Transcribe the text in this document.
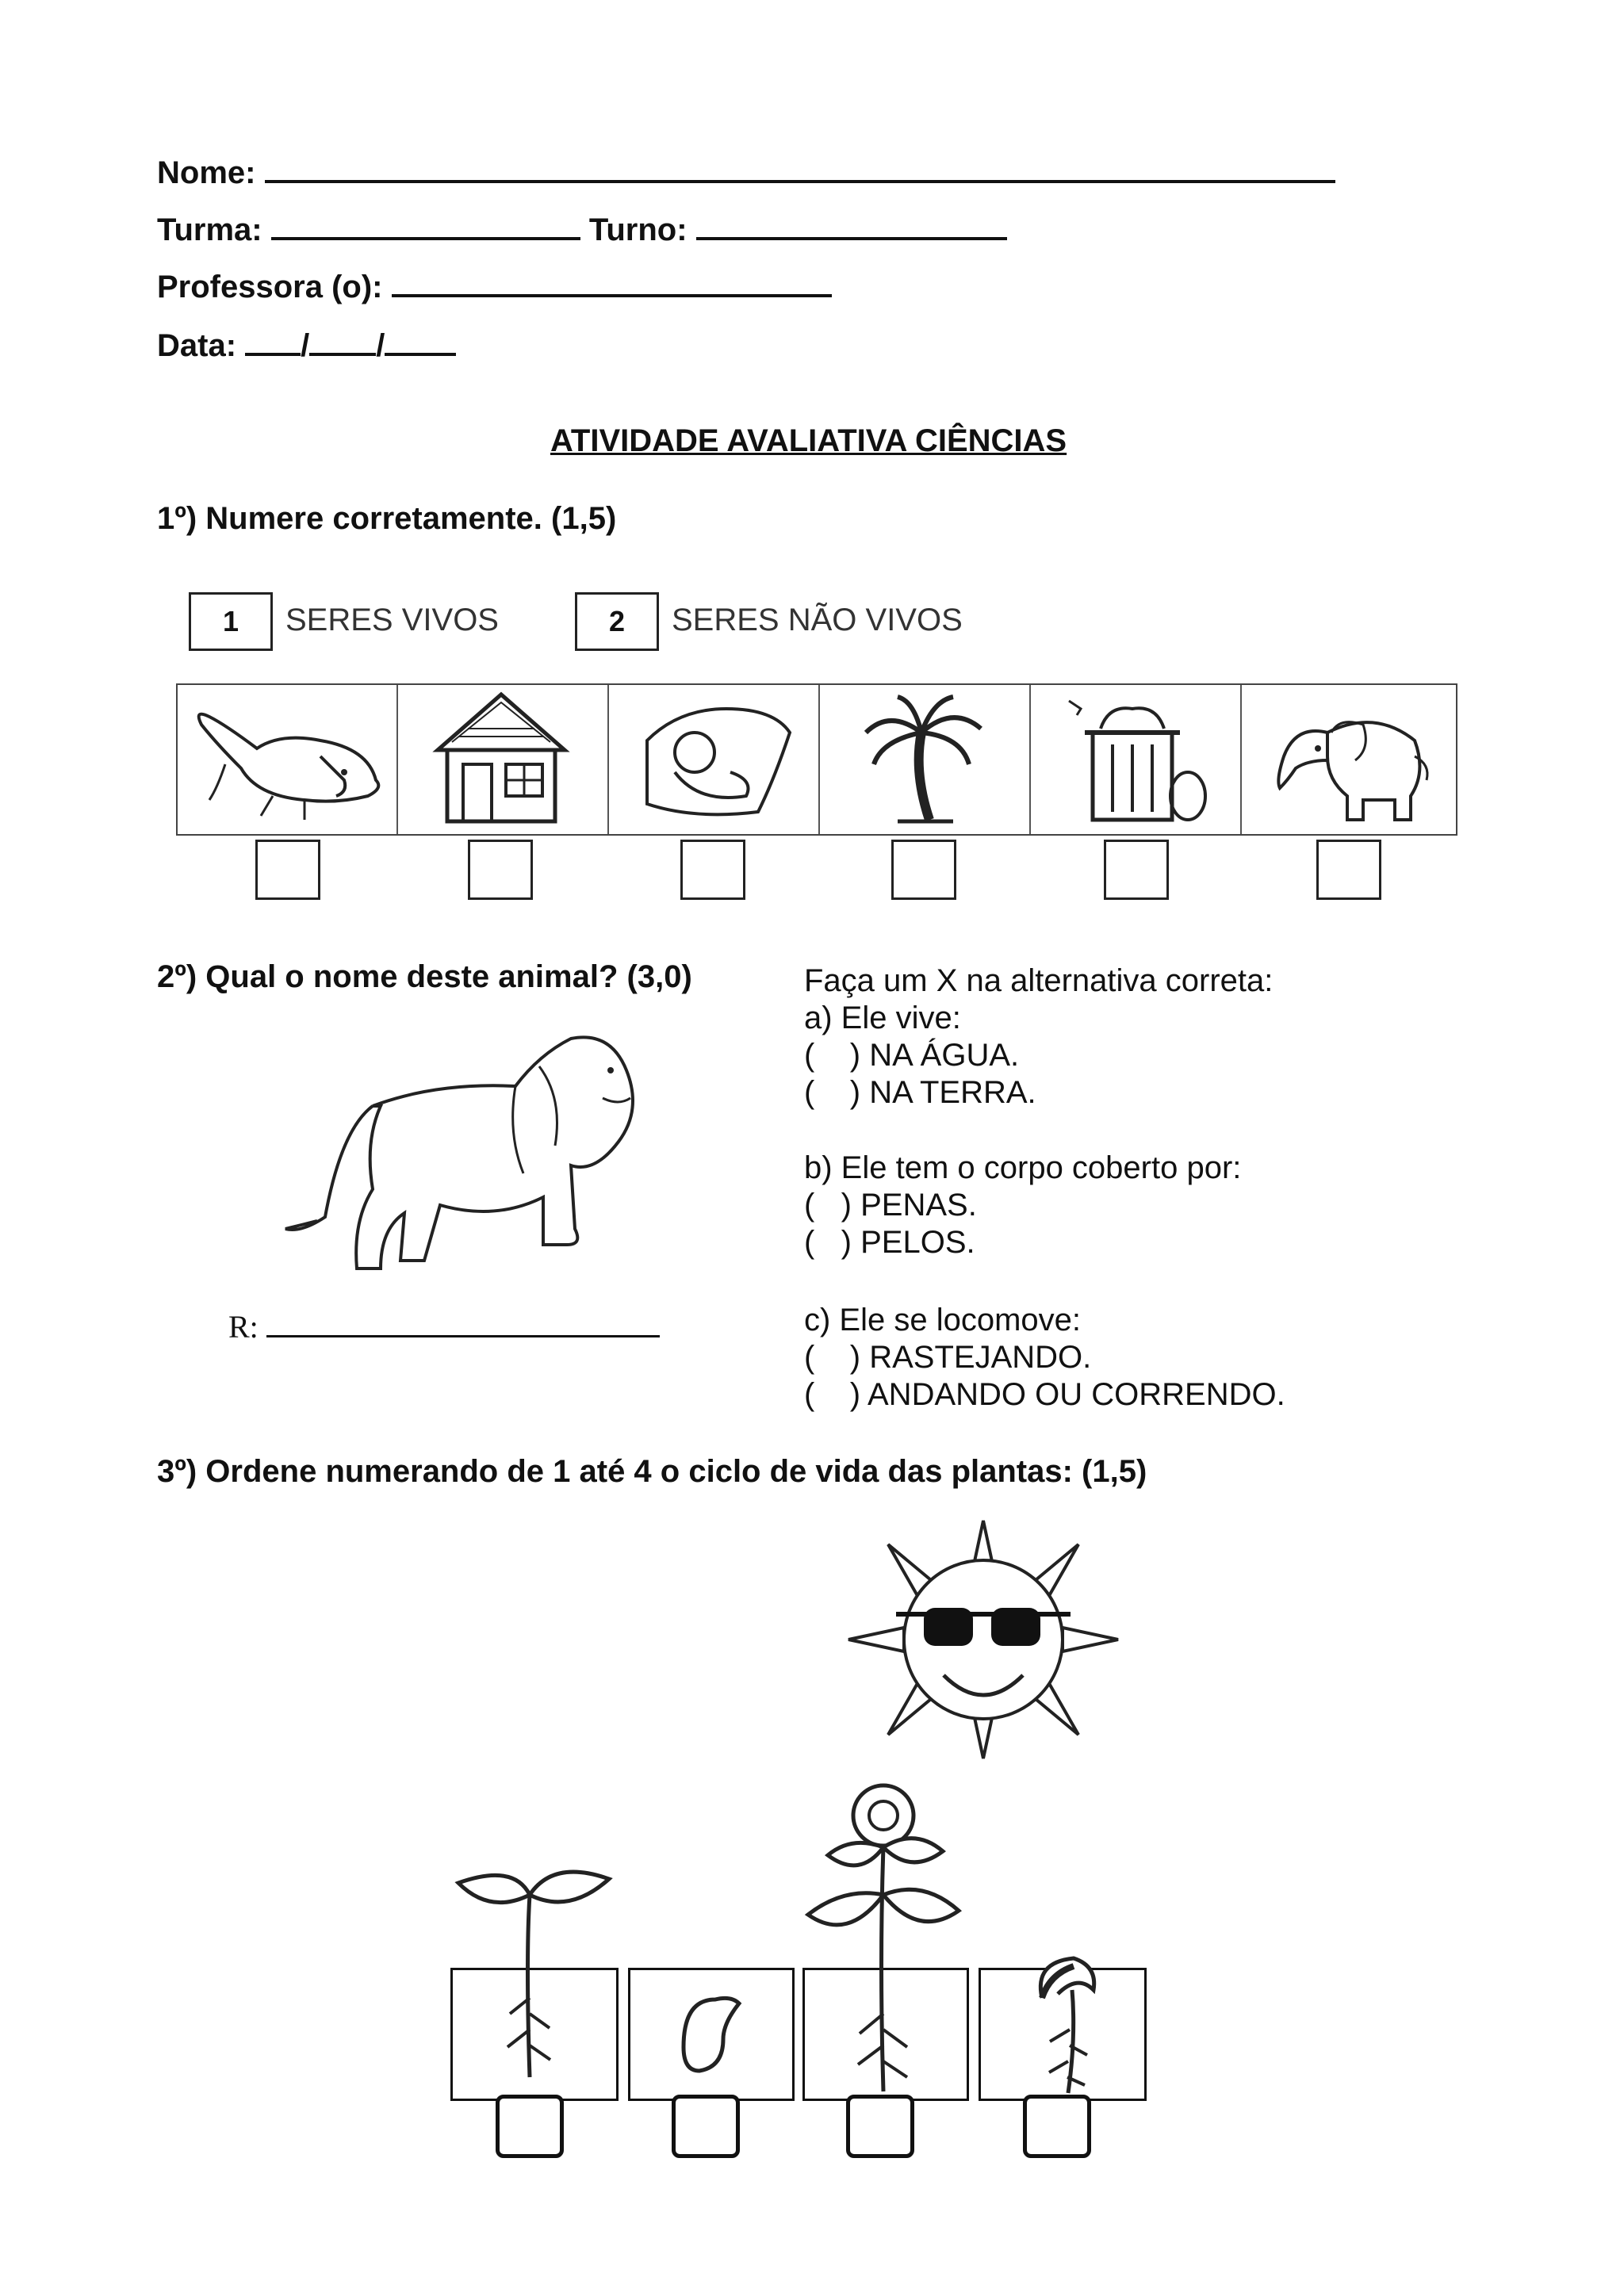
Nome:
Turma:	Turno:
Professora (o):
Data: / /
ATIVIDADE AVALIATIVA CIÊNCIAS
1º) Numere corretamente. (1,5)
1	SERES VIVOS	2	SERES NÃO VIVOS
2º) Qual o nome deste animal? (3,0)
R:
Faça um X na alternativa correta:
a) Ele vive:
(    ) NA ÁGUA.
(    ) NA TERRA.
b) Ele tem o corpo coberto por:
(   ) PENAS.
(   ) PELOS.
c) Ele se locomove:
(    ) RASTEJANDO.
(    ) ANDANDO OU CORRENDO.
3º) Ordene numerando de 1 até 4 o ciclo de vida das plantas: (1,5)
